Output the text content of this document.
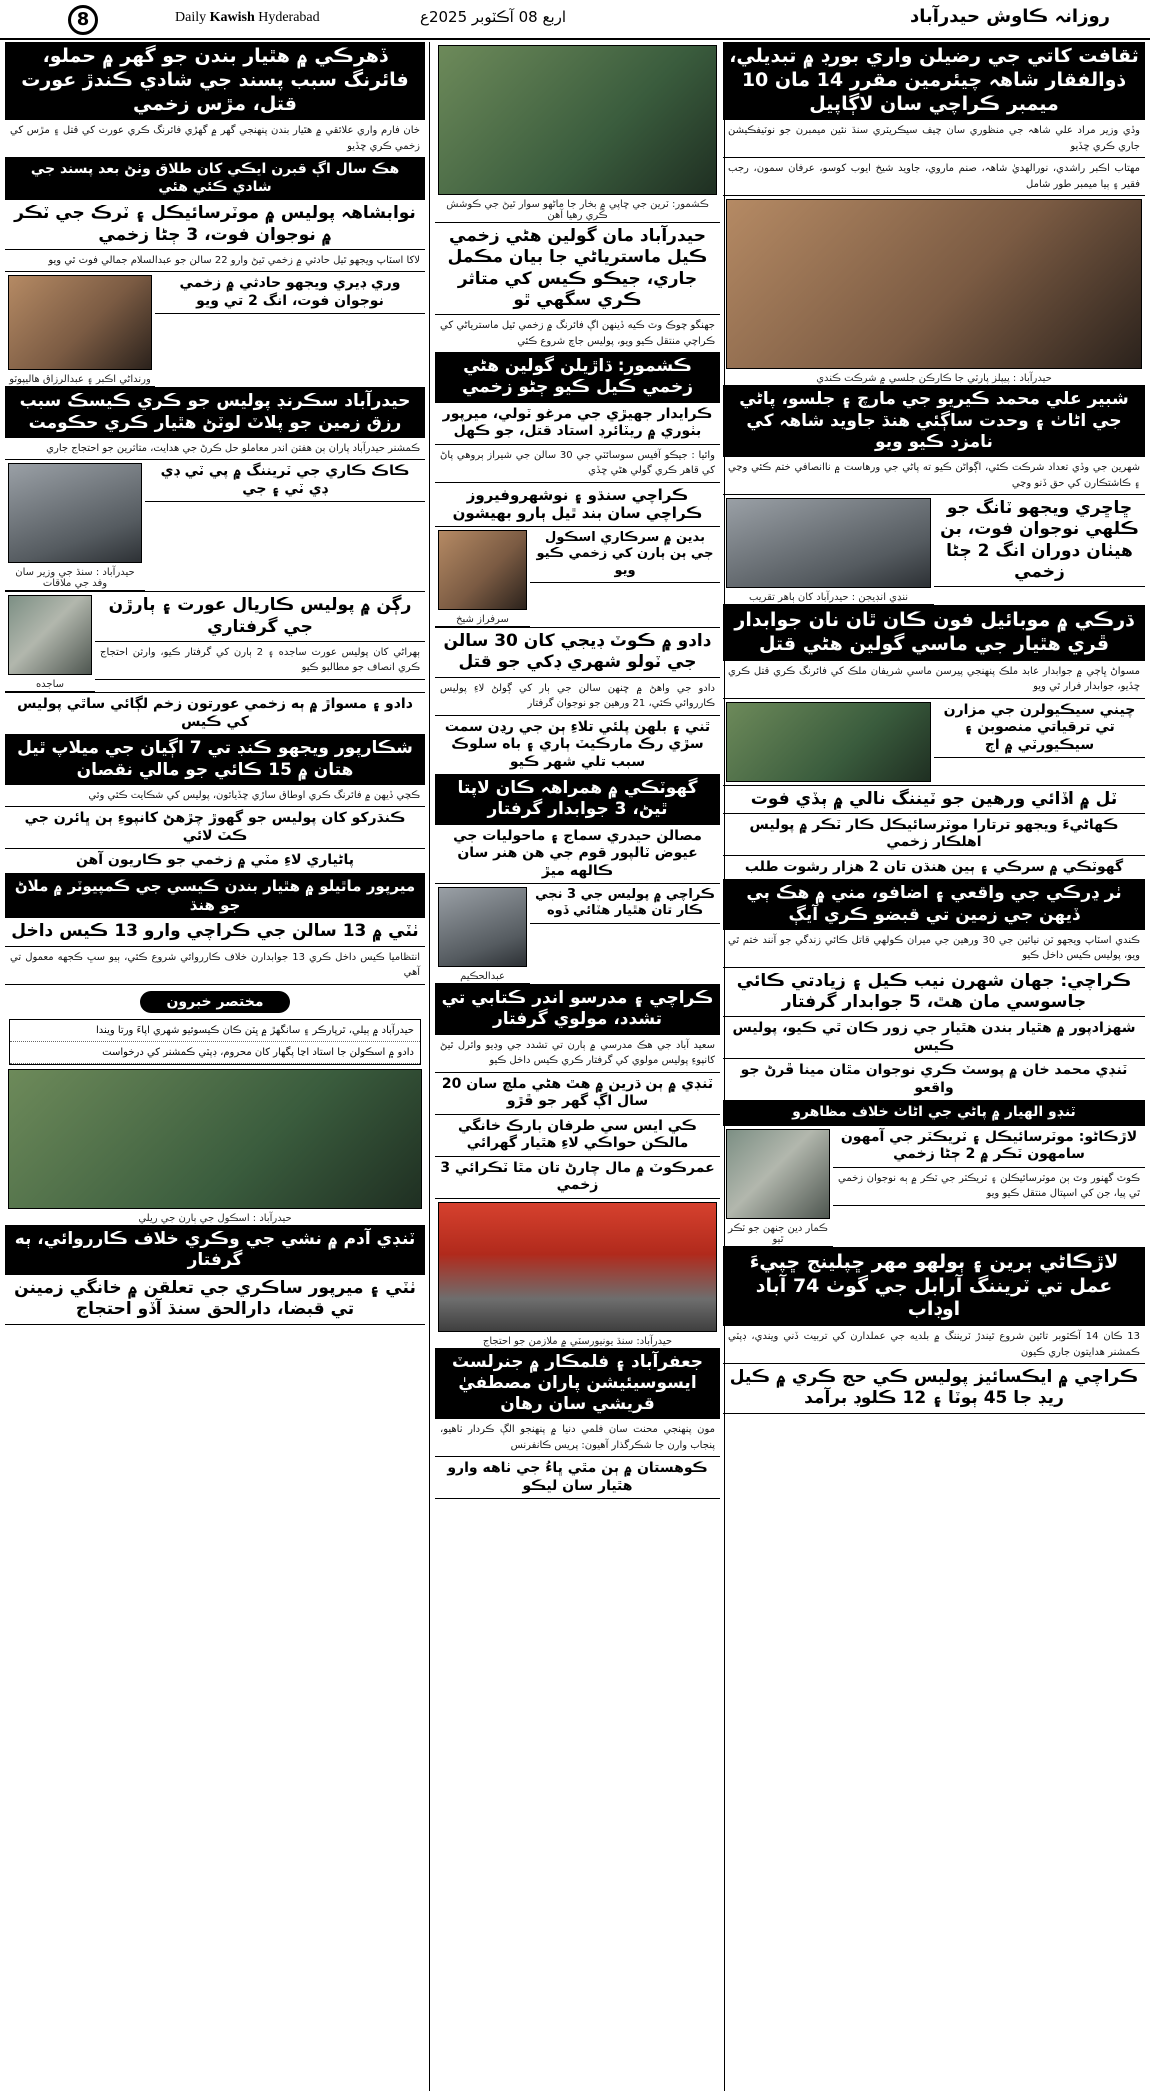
8	Daily Kawish Hyderabad	اربع 08 آڪٽوبر 2025ع	روزانہ ڪاوش حيدرآباد
ثقافت کاتي جي رضيلن واري بورڊ ۾ تبديلي، ذوالفقار شاهہ چيئرمين مقرر 14 مان 10 ميمبر ڪراچي سان لاڳاپيل
وڏي وزير مراد علي شاهہ جي منظوري سان چيف سيڪريٽري سنڌ نئين ميمبرن جو نوٽيفڪيشن جاري ڪري ڇڏيو
مهتاب اڪبر راشدي، نورالهديٰ شاهہ، صنم ماروي، جاويد شيخ ايوب کوسو، عرفان سمون، رجب فقير ۽ ٻيا ميمبر طور شامل
حيدرآباد : پيپلز پارٽي جا ڪارڪن جلسي ۾ شرڪت ڪندي
شبير علي محمد ڪيريو جي مارچ ۽ جلسو، پاڻي جي اڻاٺ ۽ وحدت ساڳئي هنڌ جاويد شاهہ کي نامزد ڪيو ويو
شهرين جي وڏي تعداد شرڪت ڪئي، اڳواڻن ڪيو ته پاڻي جي ورهاست ۾ ناانصافي ختم ڪئي وڃي ۽ ڪاشتڪارن کي حق ڏنو وڃي
ڇاڇري ويجهو ٽانگ جو ڪلهي نوجوان فوت، بن هيٺان دوران انگ 2 ڄڻا زخمي
ننڍي انڊيجن : حيدرآباد کان ٻاهر تقريب
ڌرڪي ۾ موبائيل فون ڪان ٿان نان جوابدار ڦري هٿيار جي ماسي گولين هڻي قتل
مسواڻ ڀاڄي ۾ جوابدار عابد ملڪ پنهنجي پيرسن ماسي شريفان ملڪ کي فائرنگ ڪري قتل ڪري ڇڏيو، جوابدار فرار ٿي ويو
چيني سيڪيولرن جي مزارن تي ترقياتي منصوبن ۽ سيڪيورٽي ۾ اڄ
ٽل ۾ اڏائي ورهين جو ٽيننگ نالي ۾ ٻڏي فوت
ڪهاڻيءَ ويجهو ترتارا موٽرسائيڪل ڪار ٽڪر ۾ پوليس اهلڪار زخمي
گهوٽڪي ۾ سرڪي ۽ ٻين هنڌن تان 2 هزار رشوت طلب
ٺر ڍرڪي جي واقعي ۽ اضافو، مني ۾ هڪ ٻي ڏيهن جي زمين تي قبضو ڪري آيڳ
ڪندي اسٽاپ ويجهو ٽن نيائين جي 30 ورهين جي ميران ڪولهي قاتل ڪائي زندگي جو آنند ختم ٿي ويو، پوليس ڪيس داخل ڪيو
ڪراچي: جهان شهرن نيب ڪيل ۽ زيادتي ڪائي جاسوسي مان هٿ، 5 جوابدار گرفتار
شهزادپور ۾ هٿيار بندن هٿيار جي زور ڪان ٿي ڪيو، پوليس ڪيس
ٽنڊي محمد خان ۾ پوسٽ ڪري نوجوان مٿان مينا ڦرڻ جو واقعو
ٽنڊو الهيار ۾ پاڻي جي اڻاٺ خلاف مظاهرو
لاڙڪاڻو: موٽرسائيڪل ۽ ٽريڪٽر جي آمهون سامهون ٽڪر ۾ 2 ڄڻا زخمي
ڪوٽ گهنور وٽ ٻن موٽرسائيڪلن ۽ ٽريڪٽر جي ٽڪر ۾ ٻه نوجوان زخمي ٿي پيا، جن کي اسپتال منتقل ڪيو ويو
ڪمار دين جنهن جو ٽڪر ٿيو
لاڙڪاڻي ٻرين ۽ ٻولهو مهر ڇپلينج ڇپيءَ عمل تي ٽريننگ آرابل جي گوٺ 74 آباد اوڊاب
13 ڪان 14 آڪٽوبر تائين شروع ٿيندڙ ٽريننگ ۾ بلديه جي عملدارن کي تربيت ڏني ويندي، ڊپٽي ڪمشنر هدايتون جاري ڪيون
ڪراچي ۾ ايڪسائيز پوليس ڪي حج ڪري ۾ ڪيل ريڊ جا 45 ٻوٽا ۽ 12 ڪلوڊ برآمد
ڪشمور: ٽرين جي ڇاپي ۾ بخار جا ماڻهو سوار ٿيڻ جي ڪوشش ڪري رهيا آهن
حيدرآباد مان گولين هڻي زخمي ڪيل ماسترياڻي جا بيان مڪمل جاري، جيڪو ڪيس کي متاثر ڪري سگهي ٿو
جهنگو چوڪ وٽ ڪيه ڏينهن اڳ فائرنگ ۾ زخمي ٿيل ماسترياڻي کي ڪراچي منتقل ڪيو ويو، پوليس جاچ شروع ڪئي
ڪشمور: ڌاڙيلن گولين هڻي زخمي ڪيل ڪيو ڄڻو زخمي
ڪرايدار جهيڙي جي مرغو ٽولي، ميرپور بٺوري ۾ ريٽائرڊ استاد قتل، جو ڪهل
وائيا : جيڪو آفيس سوسائٽي جي 30 سالن جي شيراز ٻروهي پاڻ کي قاهر ڪري گولي هڻي ڇڏي
ڪراچي سنڌو ۽ نوشهروفيروز ڪراچي سان بند ٿيل ٻارو بهيشون
بدين ۾ سرڪاري اسڪول جي ٻن ٻارن کي زخمي ڪيو ويو
سرفراز شيخ
دادو ۾ ڪوٽ ڊيجي کان 30 سالن جي ٽولو شهري ڊکي جو قتل
دادو جي واهڻ ۾ ڇنهن سالن جي ٻار کي ڳولڻ لاءِ پوليس ڪارروائي ڪئي، 21 ورهين جو نوجوان گرفتار
ٿني ۽ بلهن پلئي تلاءِ ٻن جي رڍن سمت سڙي رڪ مارڪيٽ ٻاري ۽ باه سلوڪ سبب تلي شهر ڪيو
گهوٽڪي ۾ همراهہ ڪان لاپتا ٿيڻ، 3 جوابدار گرفتار
مصالن حيدري سماج ۽ ماحوليات جي عيوض ٽالپور قوم جي هن هنر سان ڪالهه ميڙ
ڪراچي ۾ پوليس جي 3 نجي ڪار تان هٿيار هٽائي ڏوه
عبدالحڪيم
ڪراچي ۽ مدرسو اندر ڪتابي تي تشدد، مولوي گرفتار
سعيد آباد جي هڪ مدرسي ۾ ٻارن تي تشدد جي وڊيو وائرل ٿيڻ کانپوءِ پوليس مولوي کي گرفتار ڪري ڪيس داخل ڪيو
ٽنڊي ۾ ٻن ڌرين ۾ هٿ هڻي ملچ سان 20 سال اڳ گهر جو ڦڙو
ڪي ايس سي طرفان بارڪ خانگي مالڪن حواڪي لاءِ هٿيار گهرائي
عمرڪوٽ ۾ مال چارڻ تان مٿا ٽڪرائي 3 زخمي
حيدرآباد: سنڌ يونيورسٽي ۾ ملازمن جو احتجاج
جعفرآباد ۽ فلمڪار ۾ جنرلسٽ ايسوسيئيشن پاران مصطفيٰ قريشي سان رهان
مون پنهنجي محنت سان فلمي دنيا ۾ پنهنجو الڳ ڪردار ٺاهيو، پنجاب وارن جا شڪرگذار آهيون: پريس ڪانفرنس
ڪوهستان ۾ ٻن مٿي ڀاءُ جي ٺاهه وارو هٿيار سان ليڪو
ڏهرڪي ۾ هٿيار بندن جو گهر ۾ حملو، فائرنگ سبب پسند جي شادي ڪندڙ عورت قتل، مڙس زخمي
خان فارم واري علائقي ۾ هٿيار بندن پنهنجي گهر ۾ گهڙي فائرنگ ڪري عورت کي قتل ۽ مڙس کي زخمي ڪري ڇڏيو
هڪ سال اڳ قبرن ايڪي کان طلاق وٺڻ بعد پسند جي شادي ڪئي هئي
نوابشاهہ پوليس ۾ موٽرسائيڪل ۽ ٽرڪ جي ٽڪر ۾ نوجوان فوت، 3 ڄڻا زخمي
لاکا اسٽاپ ويجهو ٿيل حادثي ۾ زخمي ٿيڻ وارو 22 سالن جو عبدالسلام جمالي فوت ٿي ويو
وري ڊيري ويجهو حادثي ۾ زخمي نوجوان فوت، انگ 2 تي ويو
ورنداڻي اڪبر ۽ عبدالرزاق هاليپوٽو
حيدرآباد سڪرنڊ پوليس جو ڪري ڪيسڪ سبب رزق زمين جو پلاٽ لوٽڻ هٿيار ڪري حڪومت
ڪمشنر حيدرآباد پاران ٻن هفتن اندر معاملو حل ڪرڻ جي هدايت، متاثرين جو احتجاج جاري
ڪاڪ ڪاري جي ٽريننگ ۾ پي ٽي ڊي ڊي ٽي ۽ جي
حيدرآباد : سنڌ جي وزير سان وفد جي ملاقات
رڳن ۾ پوليس ڪاريال عورت ۽ ٻارڙن جي گرفتاري
ٻهراڻي کان پوليس عورت ساجده ۽ 2 ٻارن کي گرفتار ڪيو، وارثن احتجاج ڪري انصاف جو مطالبو ڪيو
ساجده
دادو ۽ مسواڙ ۾ ٻه زخمي عورتون زخم لڳائي ساٿي پوليس کي ڪيس
شڪارپور ويجهو ڪنڊ تي 7 اڳيان جي ميلاپ ٿيل هتان ۾ 15 ڪائي جو مالي نقصان
ڪچي ڏيهن ۾ فائرنگ ڪري اوطاق ساڙي ڇڏيائون، پوليس کي شڪايت ڪئي وئي
ڪنڌرکو کان پوليس جو گهوڙ چڙهڻ کانپوءِ ٻن ڀائرن جي ڪٽ لائي
پاڻياري لاءِ مٽي ۾ زخمي جو ڪاريون آهن
ميرپور ماٿيلو ۾ هٿيار بندن ڪيسي جي ڪمپيوٽر ۾ ملاڻ جو هنڌ
ٺٽي ۾ 13 سالن جي ڪراچي وارو 13 ڪيس داخل
انتظاميا ڪيس داخل ڪري 13 جوابدارن خلاف ڪارروائي شروع ڪئي، ٻيو سڀ ڪجهه معمول تي آهي
مختصر خبرون
حيدرآباد ۾ ٻيلي، ٿرپارڪر ۽ سانگهڙ ۾ ڀٽن ڪان ڪيسوئيو شهري اپاءَ ورتا ويندا
دادو ۾ اسڪولن جا استاد اڃا پگهار کان محروم، ڊپٽي ڪمشنر کي درخواست
حيدرآباد : اسڪول جي ٻارن جي ريلي
ٽنڊي آدم ۾ نشي جي وڪري خلاف ڪارروائي، ٻه گرفتار
ٺٽي ۽ ميرپور ساڪري جي تعلقن ۾ خانگي زمينن تي قبضا، دارالحق سنڌ آڏو احتجاج
